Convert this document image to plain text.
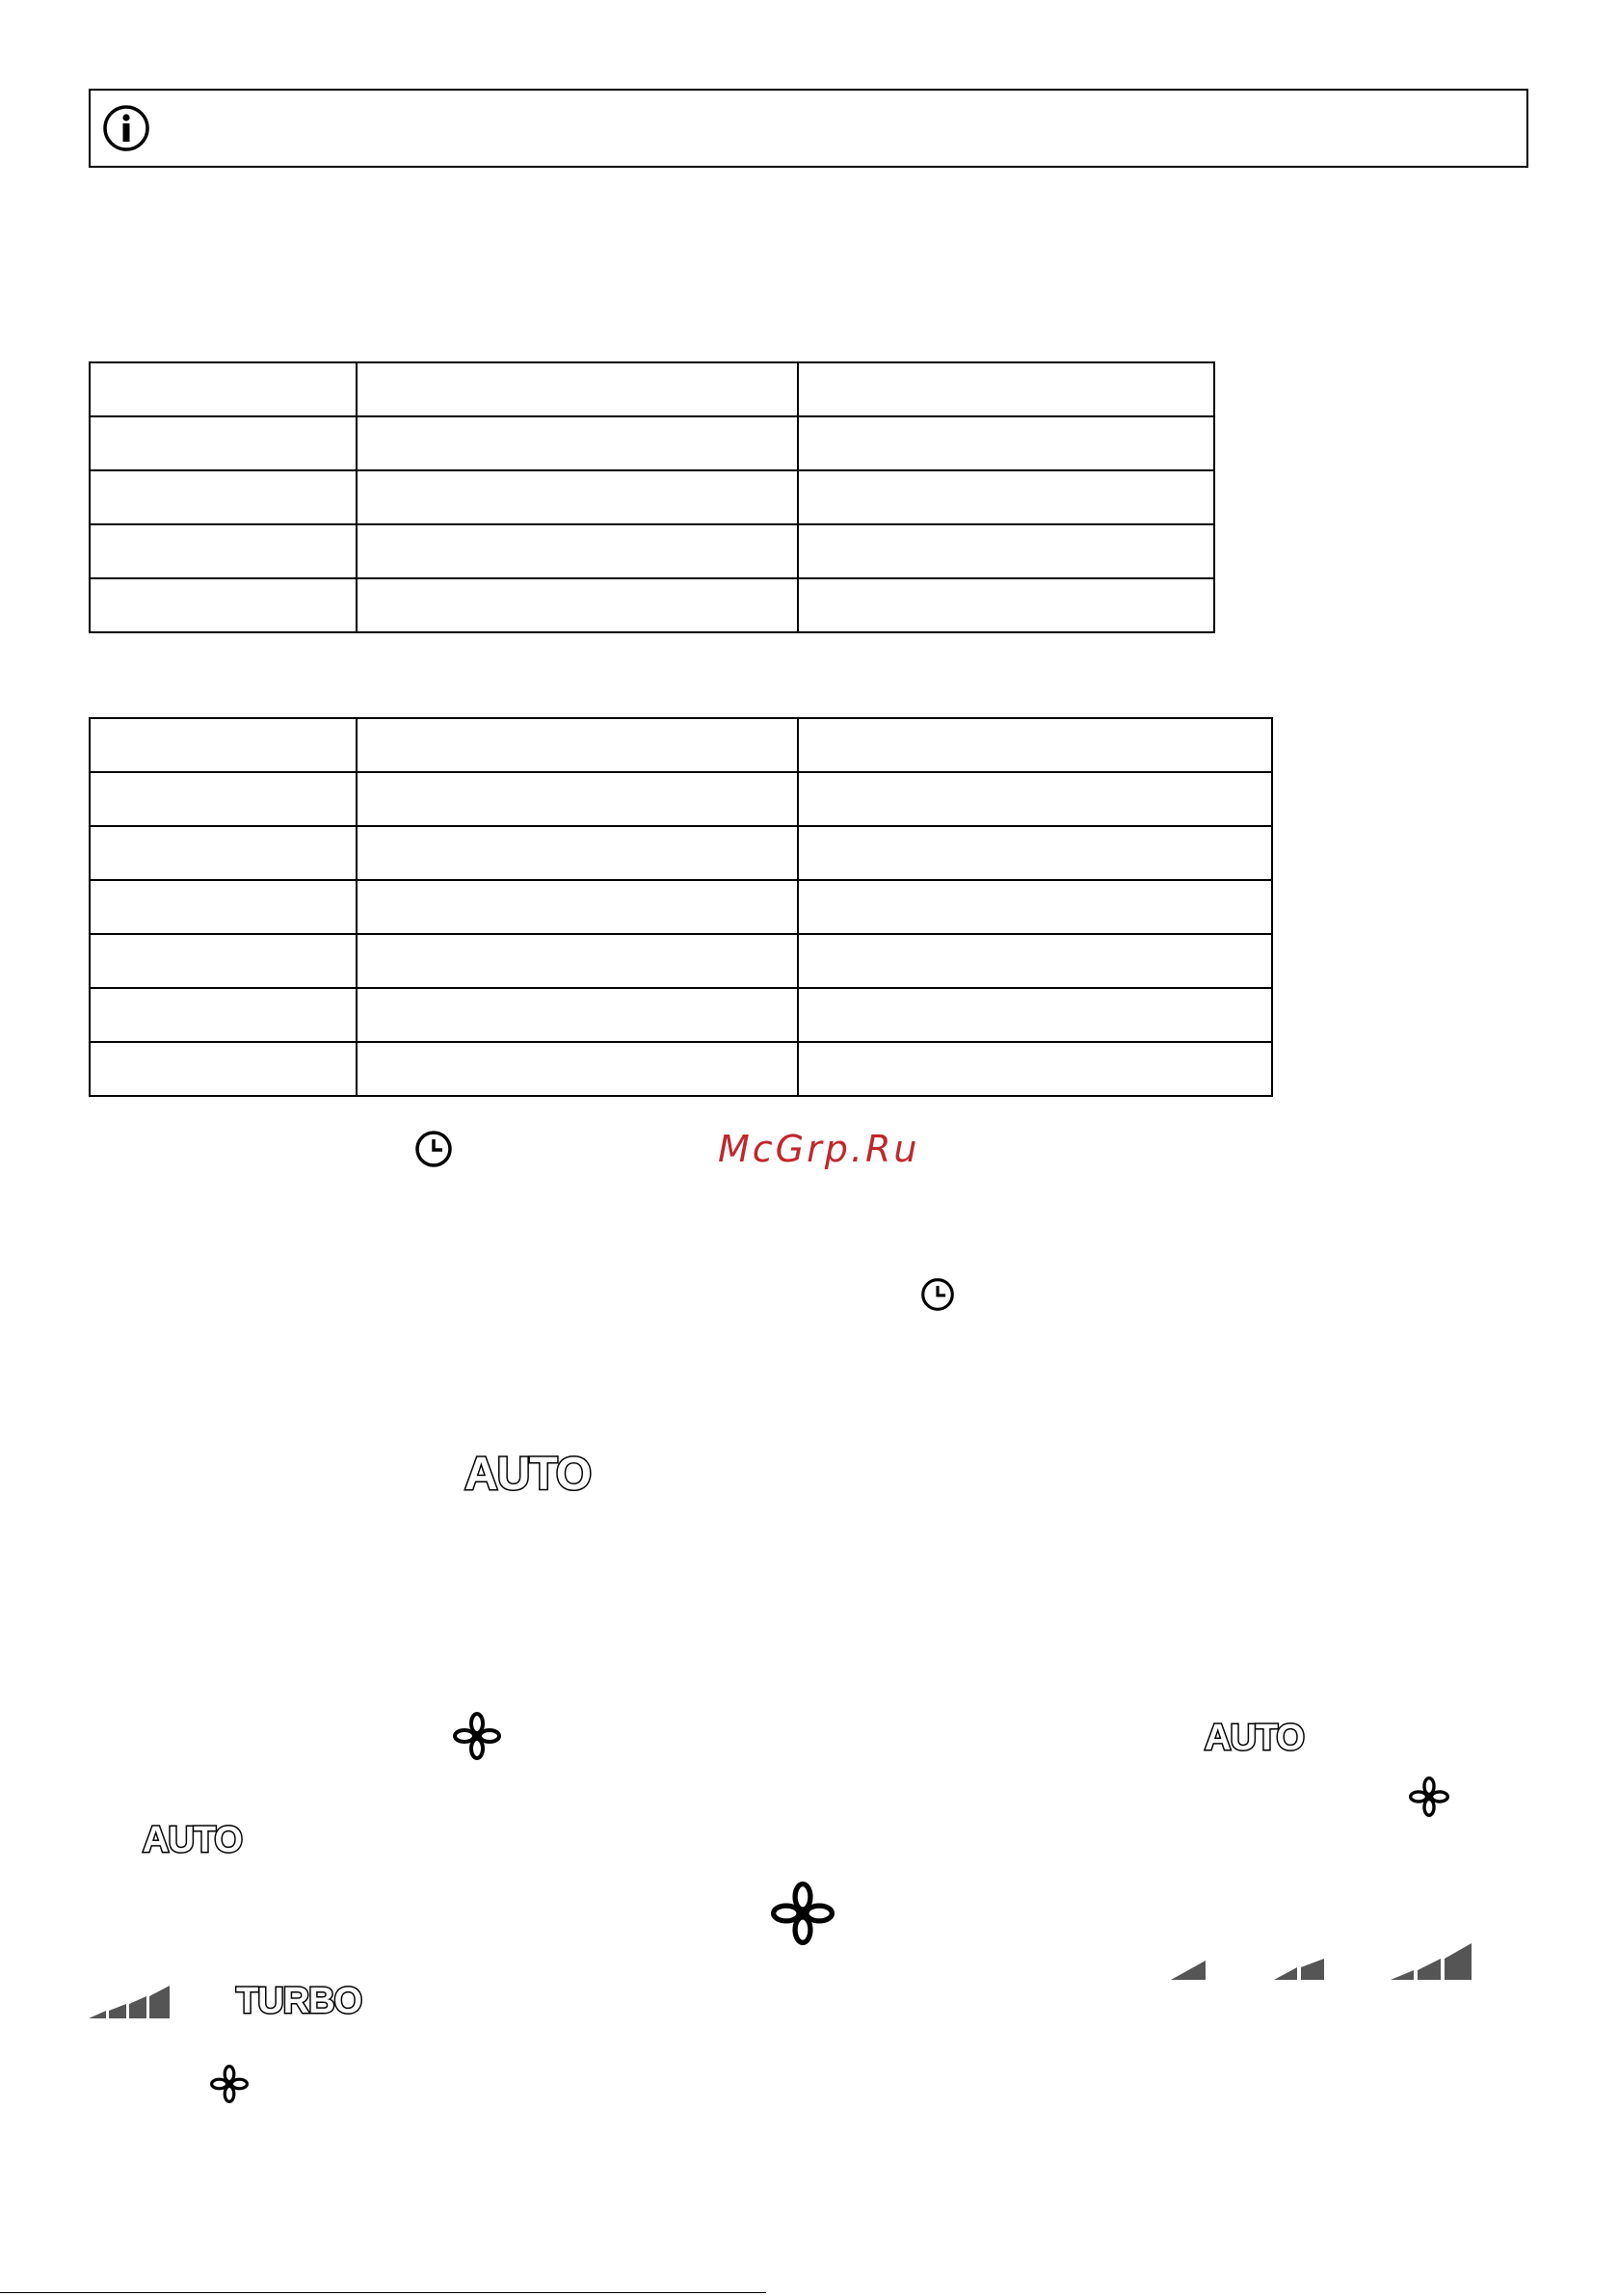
McGrp.Ru
AUTO
AUTO
AUTO
TURBO
